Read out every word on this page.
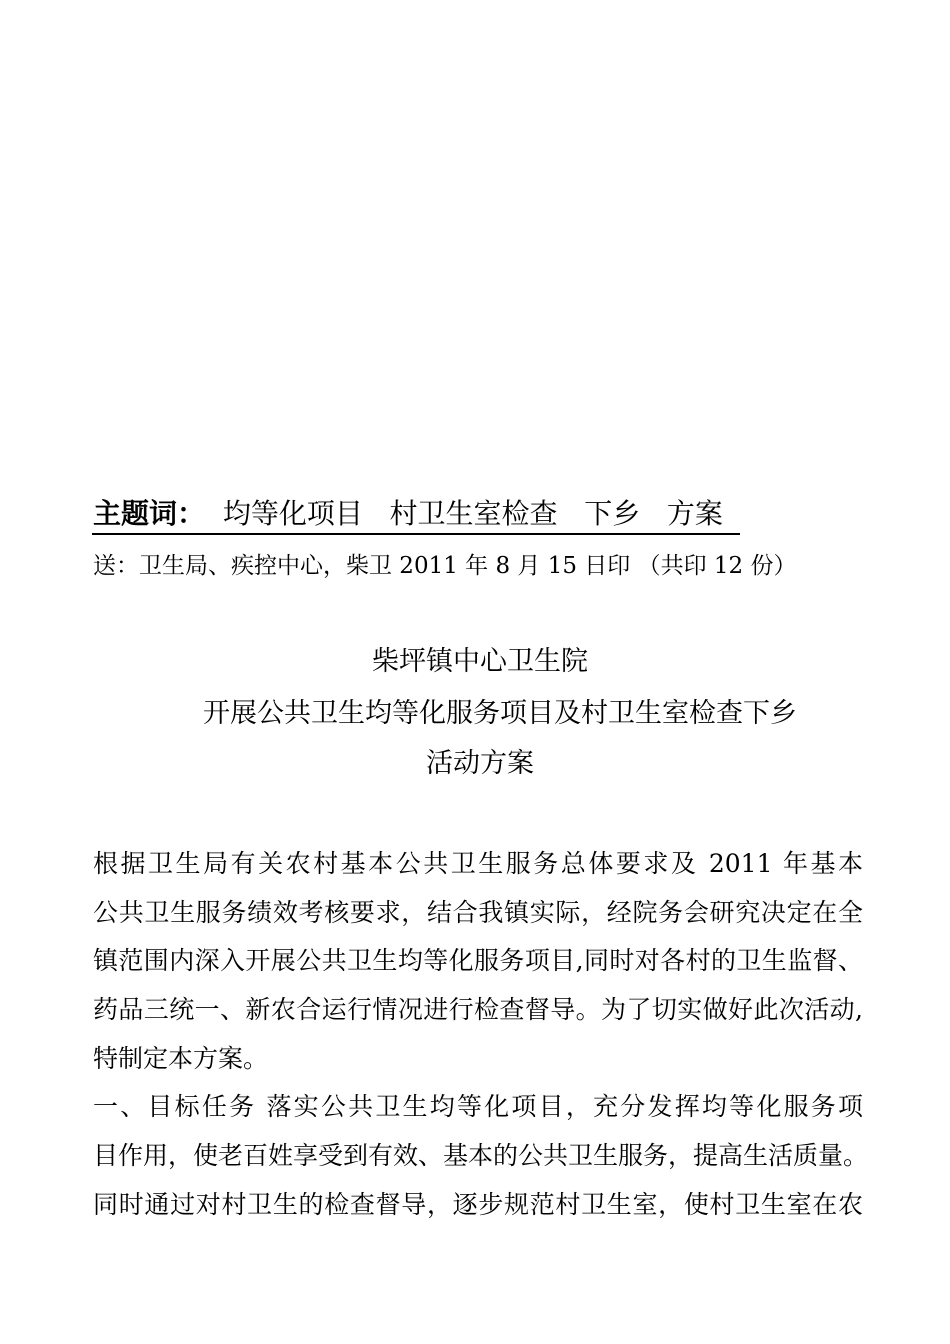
主题词：  均等化项目   村卫生室检查   下乡   方案
送：卫生局、疾控中心，柴卫 2011 年 8 月 15 日印 （共印 12 份）
柴坪镇中心卫生院
开展公共卫生均等化服务项目及村卫生室检查下乡
活动方案
根据卫生局有关农村基本公共卫生服务总体要求及 2011 年基本
公共卫生服务绩效考核要求，结合我镇实际，经院务会研究决定在全
镇范围内深入开展公共卫生均等化服务项目,同时对各村的卫生监督、
药品三统一、新农合运行情况进行检查督导。为了切实做好此次活动,
特制定本方案。
一、目标任务 落实公共卫生均等化项目，充分发挥均等化服务项
目作用，使老百姓享受到有效、基本的公共卫生服务，提高生活质量。
同时通过对村卫生的检查督导，逐步规范村卫生室，使村卫生室在农
